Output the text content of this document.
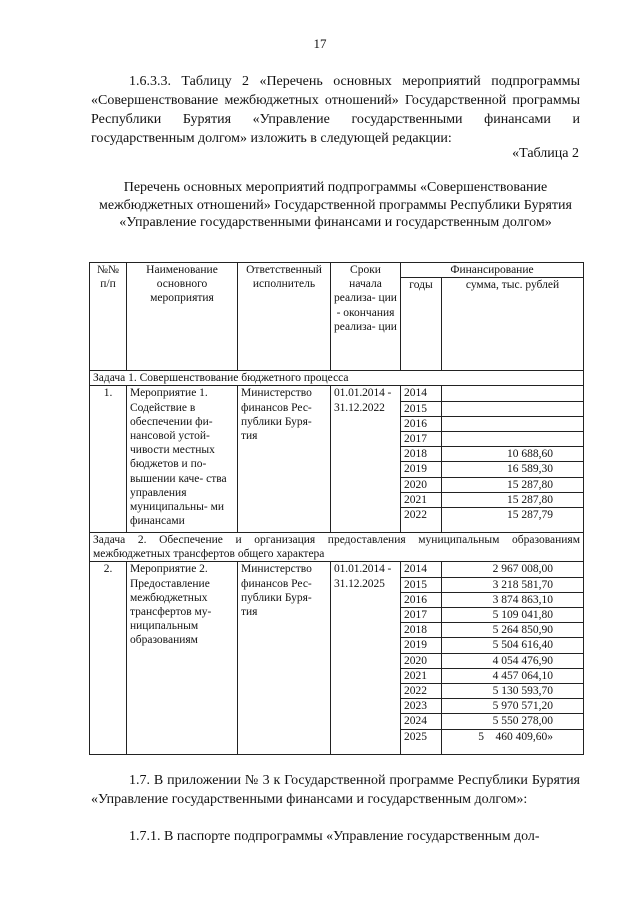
17
1.6.3.3. Таблицу 2 «Перечень основных мероприятий подпрограммы «Совершенствование межбюджетных отношений» Государственной программы Республики Бурятия «Управление государственными финансами и государственным долгом» изложить в следующей редакции:
«Таблица 2
Перечень основных мероприятий подпрограммы «Совершенствование межбюджетных отношений» Государственной программы Республики Бурятия «Управление государственными финансами и государственным долгом»
№№ п/п	Наименование основного мероприятия	Ответственный исполнитель	Сроки начала реализа- ции - окончания реализа- ции	Финансирование	
				годы	сумма, тыс. рублей
Задача 1. Совершенствование бюджетного процесса					
1.	Мероприятие 1. Содействие в обеспечении фи- нансовой устой- чивости местных бюджетов и по- вышении каче- ства управления муниципальны- ми финансами	Министерство финансов Рес- публики Буря- тия	01.01.2014 - 31.12.2022	2014	
				2015	
				2016	
				2017	
				2018	10 688,60
				2019	16 589,30
				2020	15 287,80
				2021	15 287,80
				2022	15 287,79
Задача 2. Обеспечение и организация предоставления муниципальным образованиям межбюджетных трансфертов общего характера					
2.	Мероприятие 2. Предоставление межбюджетных трансфертов му- ниципальным образованиям	Министерство финансов Рес- публики Буря- тия	01.01.2014 - 31.12.2025	2014	2 967 008,00
				2015	3 218 581,70
				2016	3 874 863,10
				2017	5 109 041,80
				2018	5 264 850,90
				2019	5 504 616,40
				2020	4 054 476,90
				2021	4 457 064,10
				2022	5 130 593,70
				2023	5 970 571,20
				2024	5 550 278,00
				2025	5    460 409,60»
1.7. В приложении № 3 к Государственной программе Республики Бурятия «Управление государственными финансами и государственным долгом»:
1.7.1. В паспорте подпрограммы «Управление государственным дол-
